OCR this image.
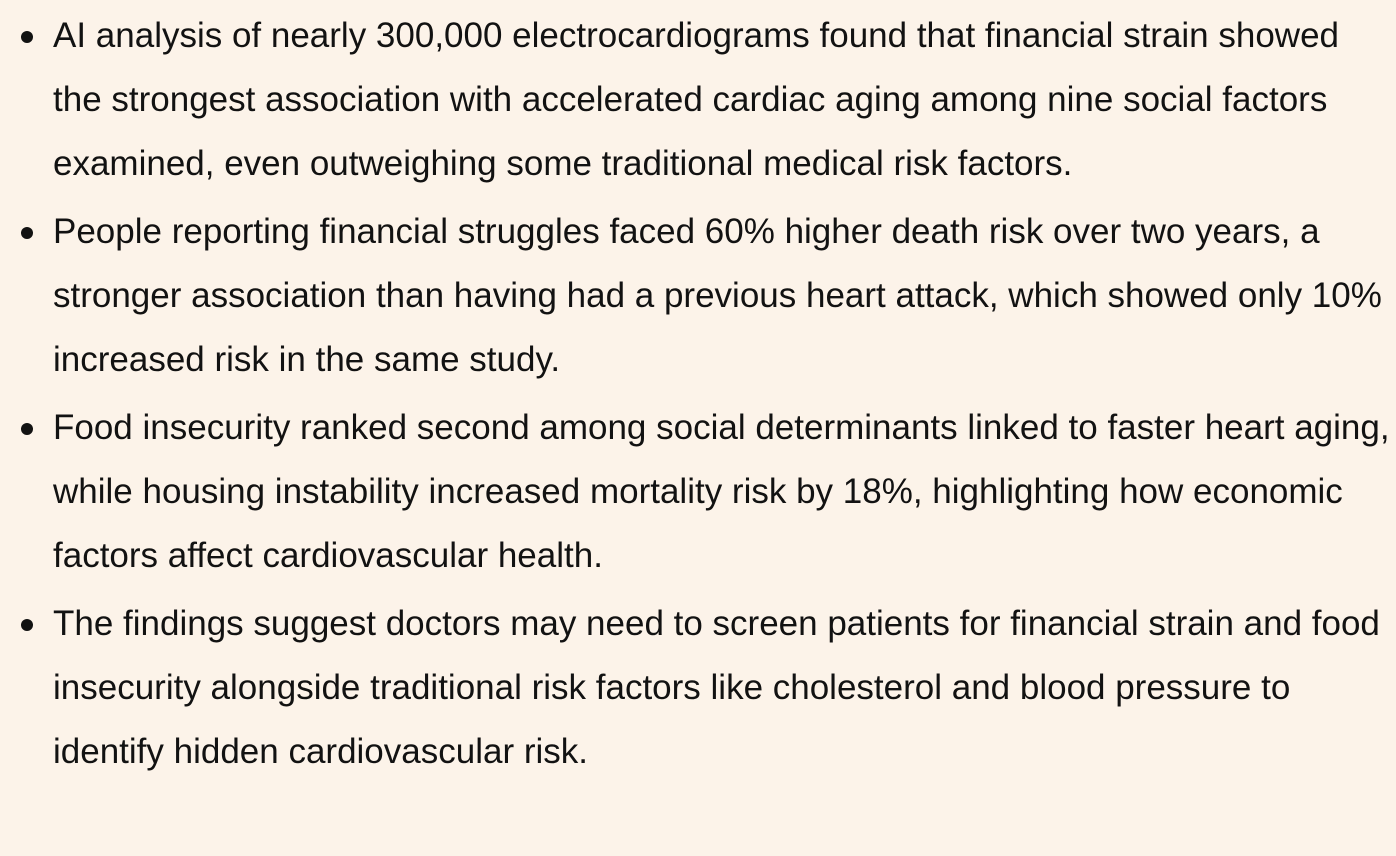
AI analysis of nearly 300,000 electrocardiograms found that financial strain showed the strongest association with accelerated cardiac aging among nine social factors examined, even outweighing some traditional medical risk factors.
People reporting financial struggles faced 60% higher death risk over two years, a stronger association than having had a previous heart attack, which showed only 10% increased risk in the same study.
Food insecurity ranked second among social determinants linked to faster heart aging, while housing instability increased mortality risk by 18%, highlighting how economic factors affect cardiovascular health.
The findings suggest doctors may need to screen patients for financial strain and food insecurity alongside traditional risk factors like cholesterol and blood pressure to identify hidden cardiovascular risk.
